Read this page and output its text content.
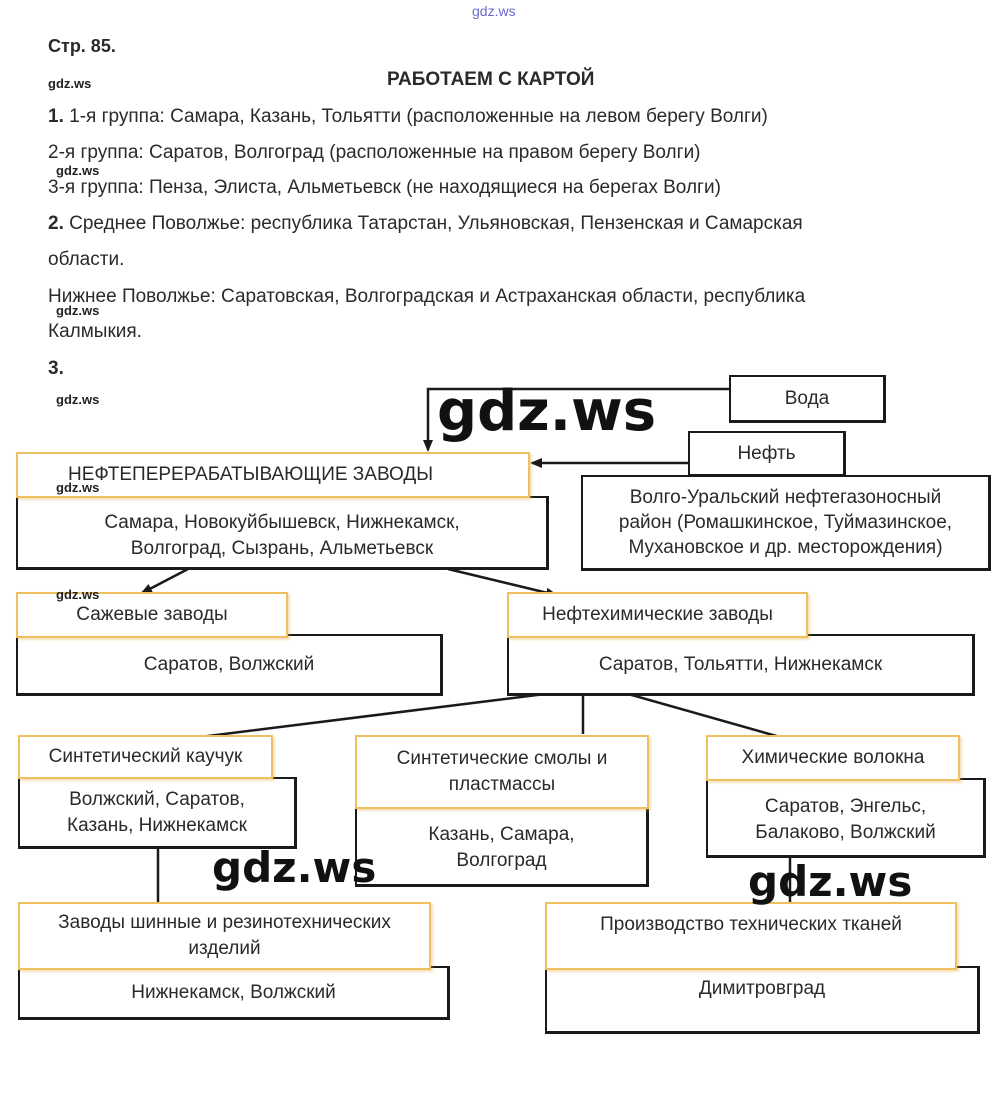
gdz.ws
Стр. 85.
gdz.ws	РАБОТАЕМ С КАРТОЙ
1. 1-я группа: Самара, Казань, Тольятти (расположенные на левом берегу Волги)
2-я группа: Саратов, Волгоград (расположенные на правом берегу Волги)
gdz.ws
3-я группа: Пенза, Элиста, Альметьевск (не находящиеся на берегах Волги)
2. Среднее Поволжье: республика Татарстан, Ульяновская, Пензенская и Самарская
области.
Нижнее Поволжье: Саратовская, Волгоградская и Астраханская области, республика
gdz.ws
Калмыкия.
3.
gdz.ws	Вода
Нефть
Волго-Уральский нефтегазоносный
район (Ромашкинское, Туймазинское,
Мухановское и др. месторождения)
Самара, Новокуйбышевск, Нижнекамск,
Волгоград, Сызрань, Альметьевск
НЕФТЕПЕРЕРАБАТЫВАЮЩИЕ ЗАВОДЫ
gdz.ws
Саратов, Волжский
Сажевые заводы
gdz.ws
Саратов, Тольятти, Нижнекамск
Нефтехимические заводы
Волжский, Саратов,
Казань, Нижнекамск
Синтетический каучук
Казань, Самара,
Волгоград
Синтетические смолы и
пластмассы
Саратов, Энгельс,
Балаково, Волжский
Химические волокна
Нижнекамск, Волжский
Заводы шинные и резинотехнических
изделий
Димитровград
Производство технических тканей
gdz.ws
gdz.ws	gdz.ws
